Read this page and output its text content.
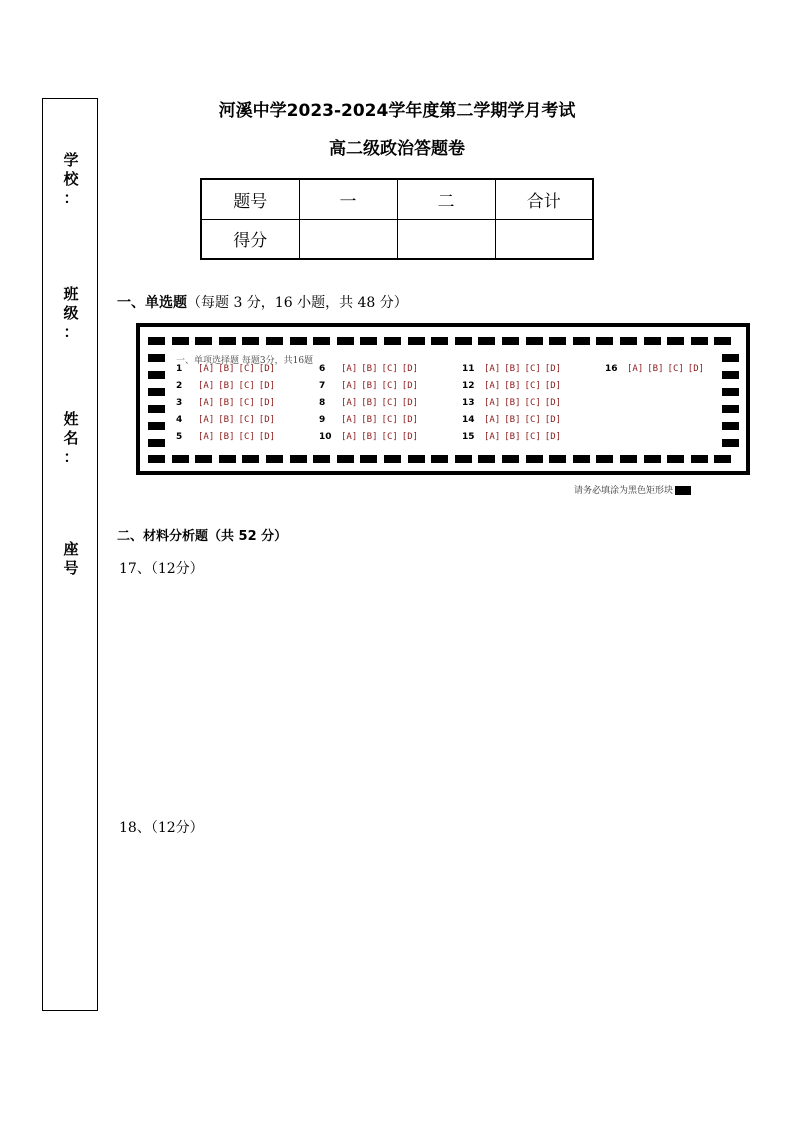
学
校
：
班
级
：
姓
名
：
座
号
河溪中学2023-2024学年度第二学期学月考试
高二级政治答题卷
题号	一	二	合计
得分			
一、单选题（每题 3 分，16 小题，共 48 分）
一、单项选择题 每题3分，共16题
1 [A] [B] [C] [D]
2 [A] [B] [C] [D]
3 [A] [B] [C] [D]
4 [A] [B] [C] [D]
5 [A] [B] [C] [D]
6 [A] [B] [C] [D]
7 [A] [B] [C] [D]
8 [A] [B] [C] [D]
9 [A] [B] [C] [D]
10 [A] [B] [C] [D]
11 [A] [B] [C] [D]
12 [A] [B] [C] [D]
13 [A] [B] [C] [D]
14 [A] [B] [C] [D]
15 [A] [B] [C] [D]
16 [A] [B] [C] [D]
请务必填涂为黑色矩形块
二、材料分析题（共 52 分）
17、（12分）
18、（12分）
